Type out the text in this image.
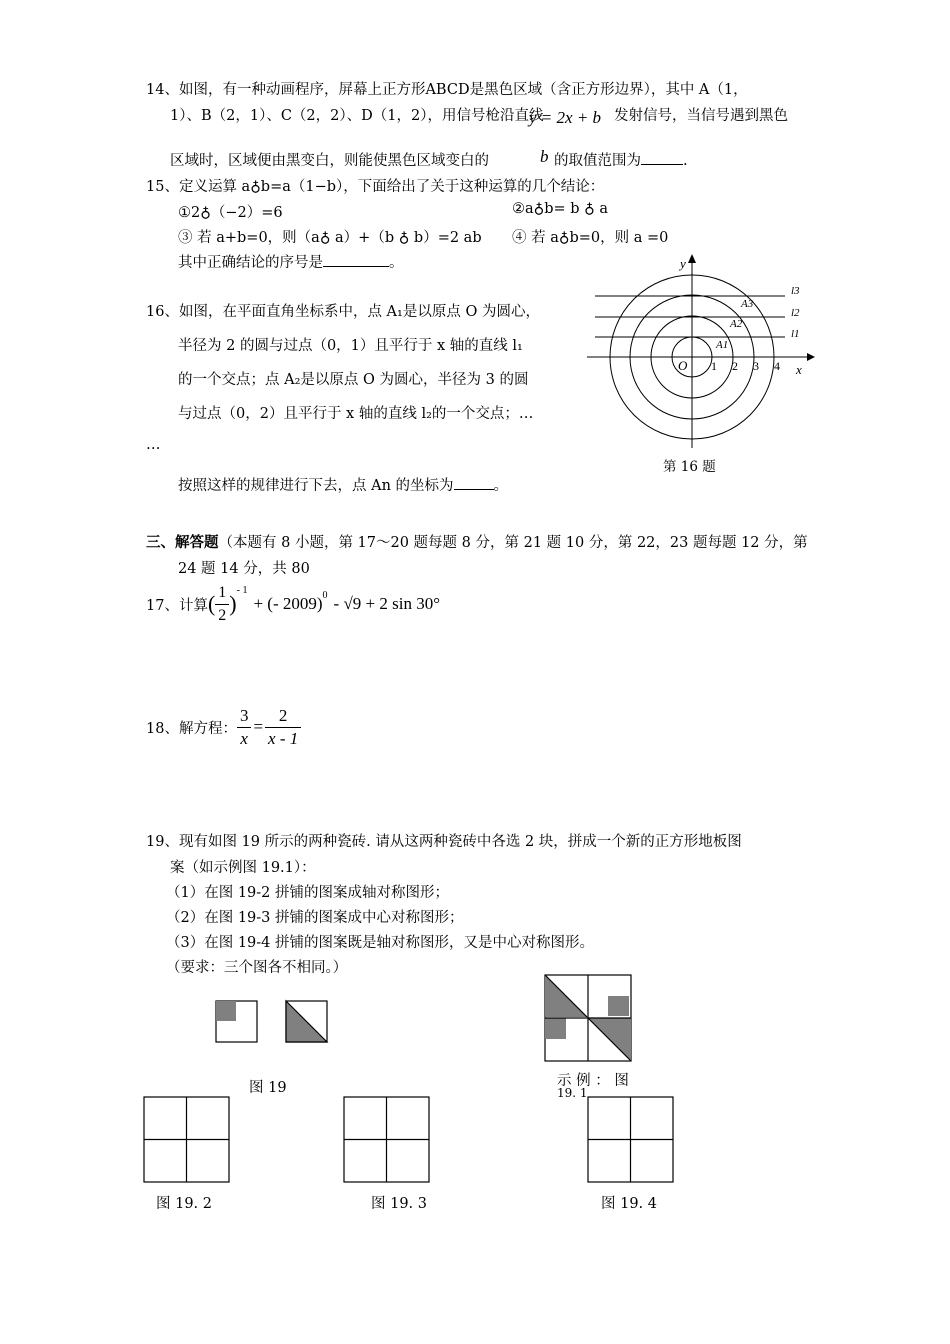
14、如图，有一种动画程序，屏幕上正方形ABCD是黑色区域（含正方形边界），其中 A（1，
1）、B（2，1）、C（2，2）、D（1，2），用信号枪沿直线
y = 2x + b 发射信号，当信号遇到黑色
区域时，区域便由黑变白，则能使黑色区域变白的	b 的取值范围为	.
15、定义运算 a♁b=a（1−b），下面给出了关于这种运算的几个结论：
①2♁（−2）=6	②a♁b= b ♁ a
③ 若 a+b=0，则（a♁ a）+（b ♁ b）=2 ab ④ 若 a♁b=0，则 a =0
其中正确结论的序号是	。
16、如图，在平面直角坐标系中，点 A₁是以原点 O 为圆心，
半径为 2 的圆与过点（0，1）且平行于 x 轴的直线 l₁
的一个交点；点 A₂是以原点 O 为圆心，半径为 3 的圆
与过点（0，2）且平行于 x 轴的直线 l₂的一个交点；…
…
按照这样的规律进行下去，点 An 的坐标为	。
y
x
O 1 2 3 4
l3
l2
l1
A3
A2
A1
第 16 题
三、解答题（本题有 8 小题，第 17～20 题每题 8 分，第 21 题 10 分，第 22，23 题每题 12 分，第
24 题 14 分，共 80
17、计算 ( $\frac{1}{2}$ )
- 1
+ (- 2009) 0 - √9 + 2 sin 30°
18、解方程： $\frac{3}{x} = \frac{2}{x - 1}$
19、现有如图 19 所示的两种瓷砖. 请从这两种瓷砖中各选 2 块，拼成一个新的正方形地板图
案（如示例图 19.1）：
（1）在图 19-2 拼铺的图案成轴对称图形；
（2）在图 19-3 拼铺的图案成中心对称图形；
（3）在图 19-4 拼铺的图案既是轴对称图形，又是中心对称图形。
（要求：三个图各不相同。）
图 19	示 例 ： 图
19. 1
图 19. 2	图 19. 3	图 19. 4
